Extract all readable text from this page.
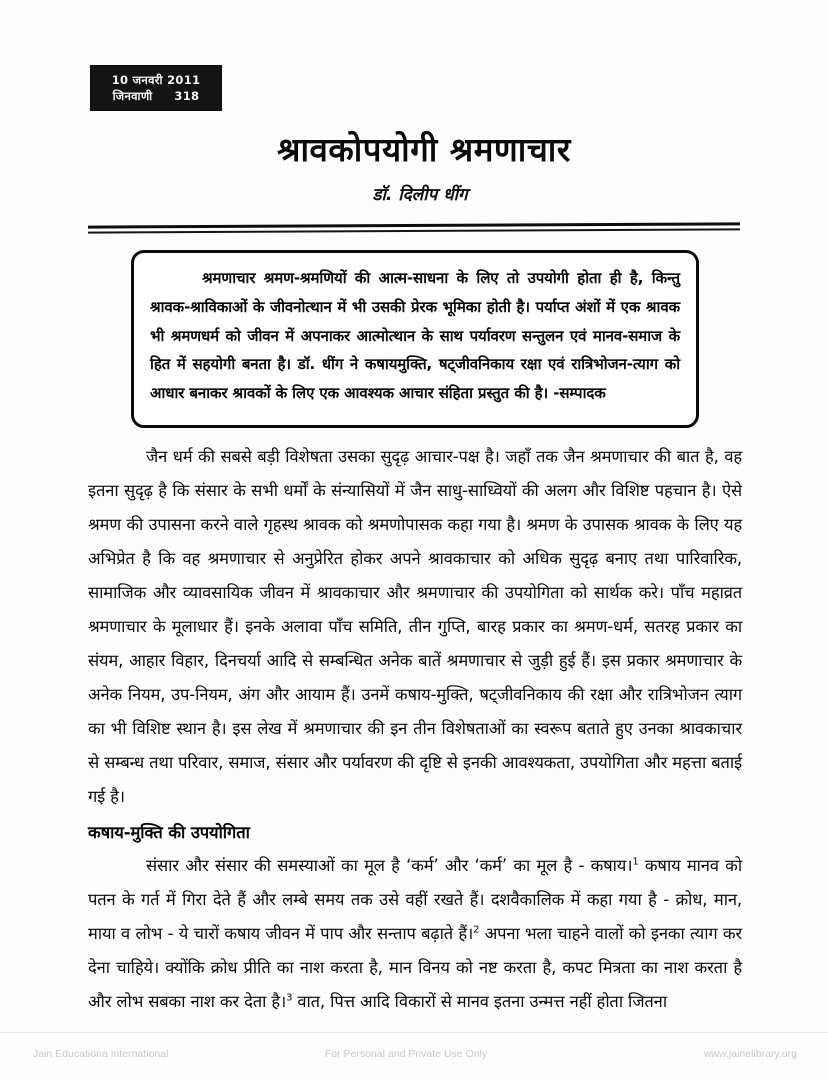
10 जनवरी 2011
जिनवाणी 318
श्रावकोपयोगी श्रमणाचार
डॉ. दिलीप धींग

श्रमणाचार श्रमण-श्रमणियों की आत्म-साधना के लिए तो उपयोगी होता ही है, किन्तु श्रावक-श्राविकाओं के जीवनोत्थान में भी उसकी प्रेरक भूमिका होती है। पर्याप्त अंशों में एक श्रावक भी श्रमणधर्म को जीवन में अपनाकर आत्मोत्थान के साथ पर्यावरण सन्तुलन एवं मानव-समाज के हित में सहयोगी बनता है। डॉ. धींग ने कषायमुक्ति, षट्जीवनिकाय रक्षा एवं रात्रिभोजन-त्याग को आधार बनाकर श्रावकों के लिए एक आवश्यक आचार संहिता प्रस्तुत की है। -सम्पादक

जैन धर्म की सबसे बड़ी विशेषता उसका सुदृढ़ आचार-पक्ष है। जहाँ तक जैन श्रमणाचार की बात है, वह इतना सुदृढ़ है कि संसार के सभी धर्मों के संन्यासियों में जैन साधु-साध्वियों की अलग और विशिष्ट पहचान है। ऐसे श्रमण की उपासना करने वाले गृहस्थ श्रावक को श्रमणोपासक कहा गया है। श्रमण के उपासक श्रावक के लिए यह अभिप्रेत है कि वह श्रमणाचार से अनुप्रेरित होकर अपने श्रावकाचार को अधिक सुदृढ़ बनाए तथा पारिवारिक, सामाजिक और व्यावसायिक जीवन में श्रावकाचार और श्रमणाचार की उपयोगिता को सार्थक करे। पाँच महाव्रत श्रमणाचार के मूलाधार हैं। इनके अलावा पाँच समिति, तीन गुप्ति, बारह प्रकार का श्रमण-धर्म, सतरह प्रकार का संयम, आहार विहार, दिनचर्या आदि से सम्बन्धित अनेक बातें श्रमणाचार से जुड़ी हुई हैं। इस प्रकार श्रमणाचार के अनेक नियम, उप-नियम, अंग और आयाम हैं। उनमें कषाय-मुक्ति, षट्जीवनिकाय की रक्षा और रात्रिभोजन त्याग का भी विशिष्ट स्थान है। इस लेख में श्रमणाचार की इन तीन विशेषताओं का स्वरूप बताते हुए उनका श्रावकाचार से सम्बन्ध तथा परिवार, समाज, संसार और पर्यावरण की दृष्टि से इनकी आवश्यकता, उपयोगिता और महत्ता बताई गई है।

कषाय-मुक्ति की उपयोगिता

संसार और संसार की समस्याओं का मूल है ‘कर्म’ और ‘कर्म’ का मूल है - कषाय।$^1$ कषाय मानव को पतन के गर्त में गिरा देते हैं और लम्बे समय तक उसे वहीं रखते हैं। दशवैकालिक में कहा गया है - क्रोध, मान, माया व लोभ - ये चारों कषाय जीवन में पाप और सन्ताप बढ़ाते हैं।$^2$ अपना भला चाहने वालों को इनका त्याग कर देना चाहिये। क्योंकि क्रोध प्रीति का नाश करता है, मान विनय को नष्ट करता है, कपट मित्रता का नाश करता है और लोभ सबका नाश कर देता है।$^3$ वात, पित्त आदि विकारों से मानव इतना उन्मत्त नहीं होता जितना

Jain Educationa International	For Personal and Private Use Only	www.jainelibrary.org
